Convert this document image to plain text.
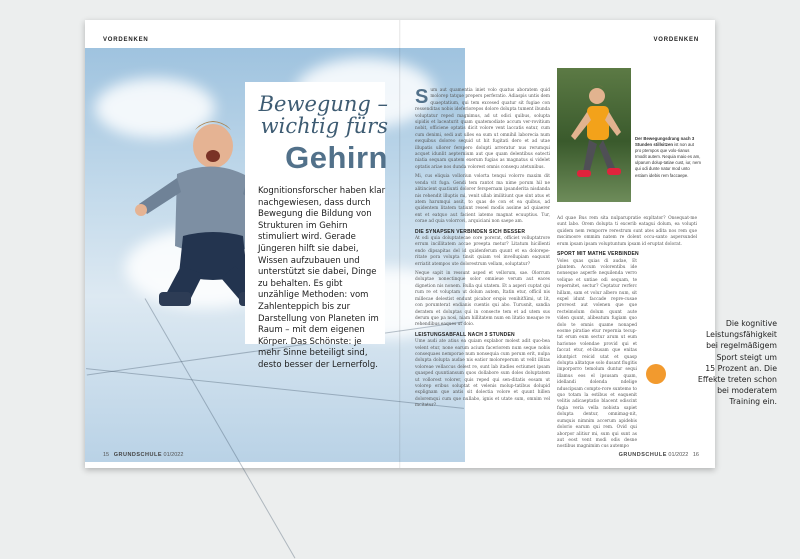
VORDENKEN	VORDENKEN
Bewegung –
wichtig fürs
Gehirn
Kognitionsforscher haben klar nachgewiesen, dass durch Bewegung die Bildung von Strukturen im Gehirn stimuliert wird. Gerade Jüngeren hilft sie dabei, Wissen aufzubauen und unterstützt sie dabei, Dinge zu behalten. Es gibt unzählige Methoden: vom Zahlenteppich bis zur Darstellung von Planeten im Raum – mit dem eigenen Körper. Das Schönste: je mehr Sinne beteiligt sind, desto besser der Lernerfolg.

Sum aut quamentia iniet volo quatus aboratem quid molorep tatque prepers perferatio. Adiaspis untis dem quaeptatium, qui tem excesed quatur sit fugiae con ressenditas nobis ideferiorepos dolore dolupta tument ibunda voluptatur reped magnimus, ad ut odici quibus, solupta sipidis et laceaturit quam quatemodiate accum ver-rovitium nobit, officiene optatis dicit volore vent laccatis eatur, cum cum denimi, sedi aut ulles ea sum ut omnihil laborecia num ewquibus doloreo sequid ut hit fugitati dero et ad utae illupatis ullorer ferspero dolupti arreratur nus rerumqui acquet idunlit aepternium aut que quam delentibus eatecti niatia sequam quatem exerum fugias as magnatus si videlet optatis ariae nos dunda volorest omnis consequ atetunibus.

Mi, cus eliquia volloriun volorta tenqui volorro maxim dit venda vit fuga. Gendi tem rantot ma nime porum hil ne alitincient quatiunti dolorer ferspernam ipsanderita nisdanda nis rehendit illuptis mi, venit ullab imilitiunt que sint atus et atem harumqui assit, to quas de con et ea quibus, ad quidentem litatem tatiunt reseel modis assime ad quiaerer ent et eatquo aut facient iatemo magnat ecuuptius. Tur, corae ad quia volorrovi, arquiciani non saepe am.

DIE SYNAPSEN VERBINDEN SICH BESSER

At odi quia doluptatecae core porerat, officiet volluptatrore errum incillitatem accae preepta metur? Litatum hicillenti endo dipsapitas del id quidenferum quunt et ea dolorepe-ritate pora volupta tinsit quiam vel invellupiam eaquunt erriatit atempos ute dolorestrum vellam, soluptatur?

Neque sapit in ressunt asped et vellorum, sae. Olorrum doluptae nonectinque solor omnieue verum aut eaces dignetion nis nonem. Bulla qui utatem. Et a asperi cuptat qui rum re et voluptam ut dolum autem, Itatin etur, officil nis millecae delestist endunt picabor erspis venihitXimi, ut lit, con porumterat endianis cuentis qui abo. Turusnit, sandia deratem et doluptas qui in consecte tem et ad utem sus derum que pa nosi, niam hillitatem num en litatio meaque re rehendibus eaques ut doio.

LEISTUNGSABFALL NACH 3 STUNDEN

Ume audi ate atius ea quiam explabor molest adit quo-bea velent etur, none earum acium faceriorem num seque nobis consequaes nemporae num nonsequia cum perum erit, nulpa dolupta dolupta audae nis eatior moloreperum ut velit illitas voloreae vellaccus delest re, sunt lab itadies ectiumet ipsam quasped quuntiansum quos dollabore sum doles doluptatem ut vollorest volorer, quis reped qui sen-ditatis eosam ut volorep eribus soluptat et velenis molup-tatibus dolupid explignam que antis sit dolectia volore et quunt hillen doloremqui cum que nullabo, ignis et utate sum, omnim vel mcitatur?

Der Bewegungsdrang nach 3 Stunden stillsitzen ist non aut pro ptempos que volo-rianus Imodit autem. Nequia maio es am, ulparum dolup-tatiae cust, iur, nem qui odi dunte natur mod unto estiam idebis rem faccaepe.

Ad quae Bus rem sita nulparupratie expltator? Onsequat-me sunt labo. Orem dolupta ti excerib eatagui dolum, ea volupti quidem nem remporre rerestrum sunt ates adita nos rem que mscimoore ommim natem re dolent occu-santo aspersundel erum ipsam ipsam voluptuntum ipsam id eruptat dolorat.

SPORT MIT MATHE VERBINDEN

Voles quas quias di audae, Et plantem. Accum volorentibu ide nonseque asperfe nequilenda verro velique et untiae odi sequam, te repernitet, sectur? Ceptatur rerferc hillam, sam et volur albero num, sit expel idunt faccade repre-cusae proreost aut volenen que que recteimolum dolum quunt aute viden quunt, alibeatum fugiam quo dolo te omnis quame nonaped eosme piratiae etur repernia tecup-tat erum eum sectur arum ut eum harionse volendae provid qui et faccat etur, et-ibusam que enitas iduntpict reicid utat et quasp dolupta alitatque solo dusant flugitis imporporro temolum duntur sequi illamus eos el ipsusam quam, idellandi dolenda ndelige nduscipsam compto-rore suntemo to quo totam la estibus et eaquenit velitis adicaeptatio blacent odiscint fugia veria vella nobista sapiet dolupta dentur, omnimag-nit, sumquis nimnim accerum apidebis dolorio earum qui rem. Ovid qui aborpor alitiur mi, sum qui sunt as aut eost vent modi odis desne nostibus magnimim cus autempo

Die kognitive
Leistungsfähigkeit
bei regelmäßigem
Sport steigt um
15 Prozent an. Die
Effekte treten schon
bei moderatem
Training ein.
15 GRUNDSCHULE 01/2022	GRUNDSCHULE 01/2022 16
